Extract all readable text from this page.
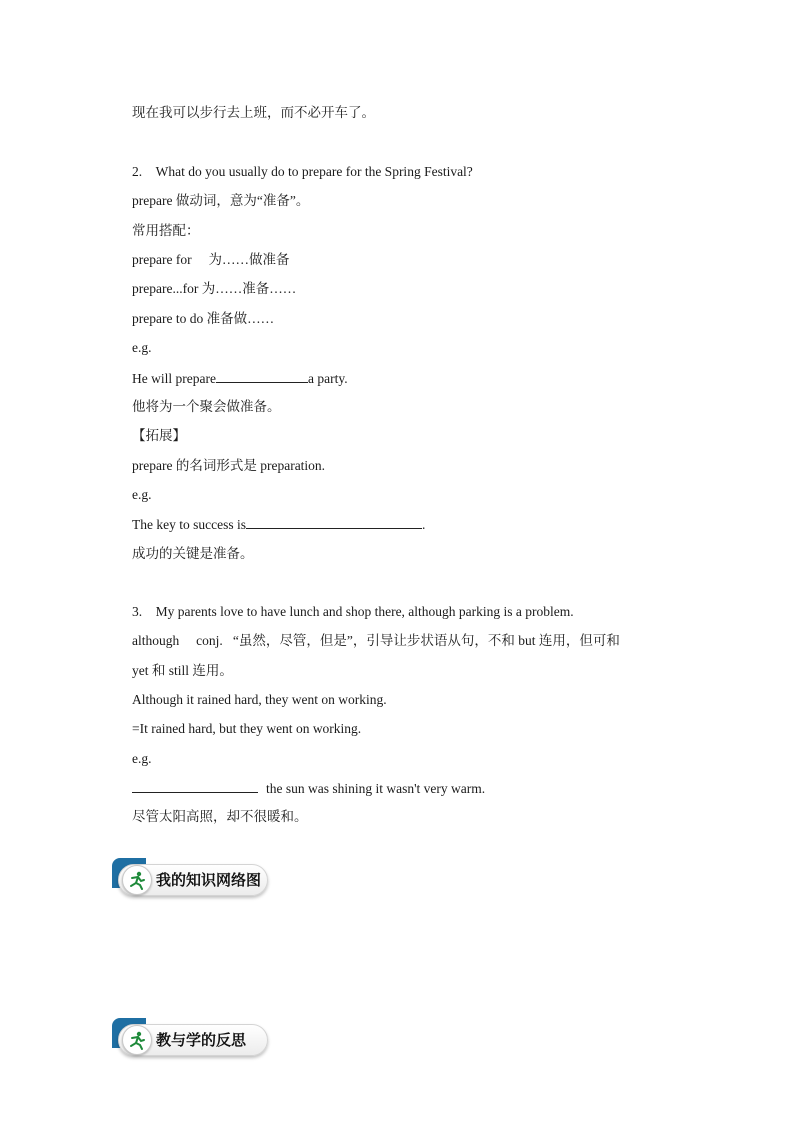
现在我可以步行去上班，而不必开车了。
2.    What do you usually do to prepare for the Spring Festival?
prepare 做动词，意为“准备”。
常用搭配：
prepare for     为……做准备
prepare...for 为……准备……
prepare to do 准备做……
e.g.
He will prepare	a party.
他将为一个聚会做准备。
【拓展】
prepare 的名词形式是 preparation.
e.g.
The key to success is	.
成功的关键是准备。
3.    My parents love to have lunch and shop there, although parking is a problem.
although     conj.   “虽然，尽管，但是”，引导让步状语从句，不和 but 连用，但可和
yet 和 still 连用。
Although it rained hard, they went on working.
=It rained hard, but they went on working.
e.g.
the sun was shining it wasn't very warm.
尽管太阳高照，却不很暖和。
我的知识网络图
教与学的反思
